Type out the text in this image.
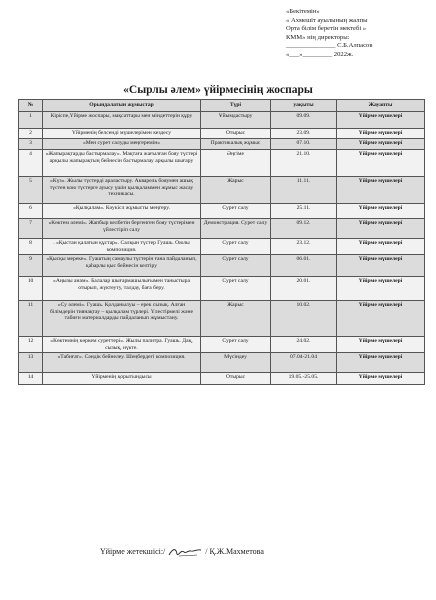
«Бекітемін»
« Ахмешіт ауылының жалпы
Орта білім беретін мектебі »
КММ» нің директоры:
_______________ С.Б.Алпасов
«___»_________ 2022ж.
«Сырлы әлем» үйірмесінің жоспары
№	Орындалатын жұмыстар	Түрі	уақыты	Жауапты
1	Кіріспе,Үйірме жоспары, мақсаттары мен міндеттерін құру	Ұйымдастыру	09.09.	Үйірме мүшелері
2	Үйірменің белсенді мүшелерімен кездесу	Отырыс	23.09.	Үйірме мүшелері
3	«Мен сурет салуды меңгеремін»	Практикалық жұмыс	07.10.	Үйірме мүшелері
4	«Жапырақтарды бастырмалау». Мақтаға жағылған бояу түстері арқылы жапырақтың бейнесін бастырмалау арқылы шығару	Әңгіме	21.10.	Үйірме мүшелері
5	«Күз». Жылы түстерді араластыру. Акварель бояумен ашық түстен кою түстерге ауысу үшін қылқаламмен жұмыс жасау техникасы.	Жарыс	11.11.	Үйірме мүшелері
6	«Қылқалам». Кәукісл жұмысты меңгеру.	Сурет салу	25.11.	Үйірме мүшелері
7	«Көктем әлемі». Жапбыр келбетін бергенген бояу түстерімен үйлестіріп салу	Демонстрация. Сурет салу	09.12.	Үйірме мүшелері
8	. «Қыстан қалатын құстар». Салқын түстер Гуашь. Оюлы композиция.	Сурет салу	23.12.	Үйірме мүшелері
9	«Қысқы мереке». Гуаштың самаулы түстерін ғана пайдаланып, қаһарлы қыс бейнесін келтіру	Сурет салу	06.01.	Үйірме мүшелері
10	«Аңызы анам». Балалар шығармашылығымен таныстыра отырып, жүктеуту, талдау, баға беру.	Сурет салу	20.01.	Үйірме мүшелері
11	«Су әлемі». Гуашь. Қолданылуы – ерек сызық. Алған білімдерін тиянақтау – қылқалам түрлері. Үлестірмелі және табиғи материалдарды пайдаланып жұмыстану.	Жарыс	10.02.	Үйірме мүшелері
12	«Көктемнің көркем суреттері». Жылы палитра. Гуашь. Дақ, сызық, нүкте.	Сурет салу	24.02.	Үйірме мүшелері
13	«Табиғат». Сәндік бейнелеу. Шеңбердегі композиция.	Мүсіндеу	07.04-21.04	Үйірме мүшелері
14	Үйірменің қорытындысы	Отырыс	19.05.-25.05.	Үйірме мүшелері
Үйірме жетекшісі:/	/ Қ.Ж.Махметова
